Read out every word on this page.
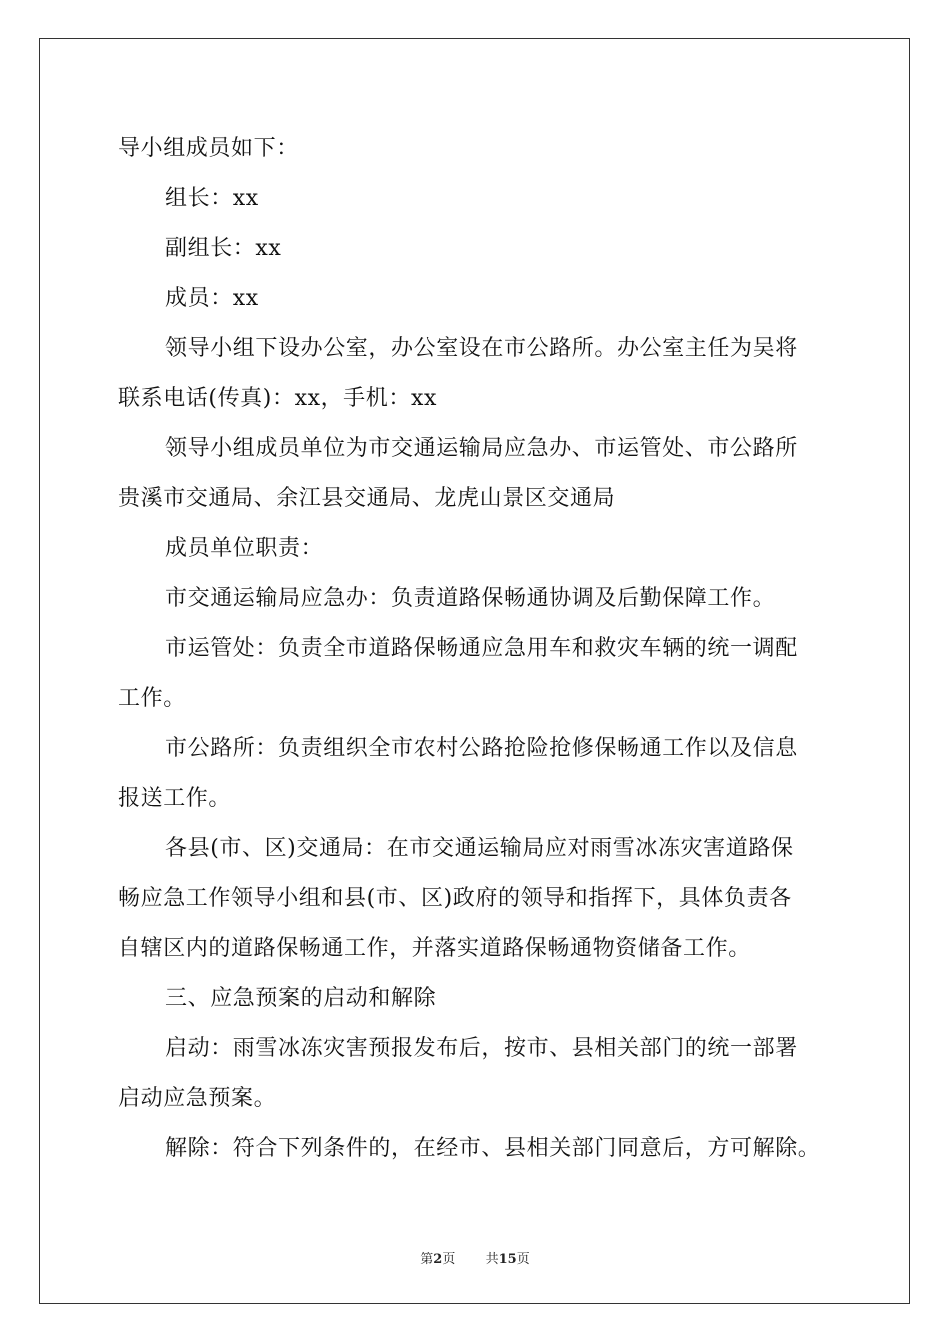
导小组成员如下：
组长：xx
副组长：xx
成员：xx
领导小组下设办公室，办公室设在市公路所。办公室主任为吴将
联系电话(传真)：xx，手机：xx
领导小组成员单位为市交通运输局应急办、市运管处、市公路所
贵溪市交通局、余江县交通局、龙虎山景区交通局
成员单位职责：
市交通运输局应急办：负责道路保畅通协调及后勤保障工作。
市运管处：负责全市道路保畅通应急用车和救灾车辆的统一调配
工作。
市公路所：负责组织全市农村公路抢险抢修保畅通工作以及信息
报送工作。
各县(市、区)交通局：在市交通运输局应对雨雪冰冻灾害道路保
畅应急工作领导小组和县(市、区)政府的领导和指挥下，具体负责各
自辖区内的道路保畅通工作，并落实道路保畅通物资储备工作。
三、应急预案的启动和解除
启动：雨雪冰冻灾害预报发布后，按市、县相关部门的统一部署
启动应急预案。
解除：符合下列条件的，在经市、县相关部门同意后，方可解除。
第2页 共15页
